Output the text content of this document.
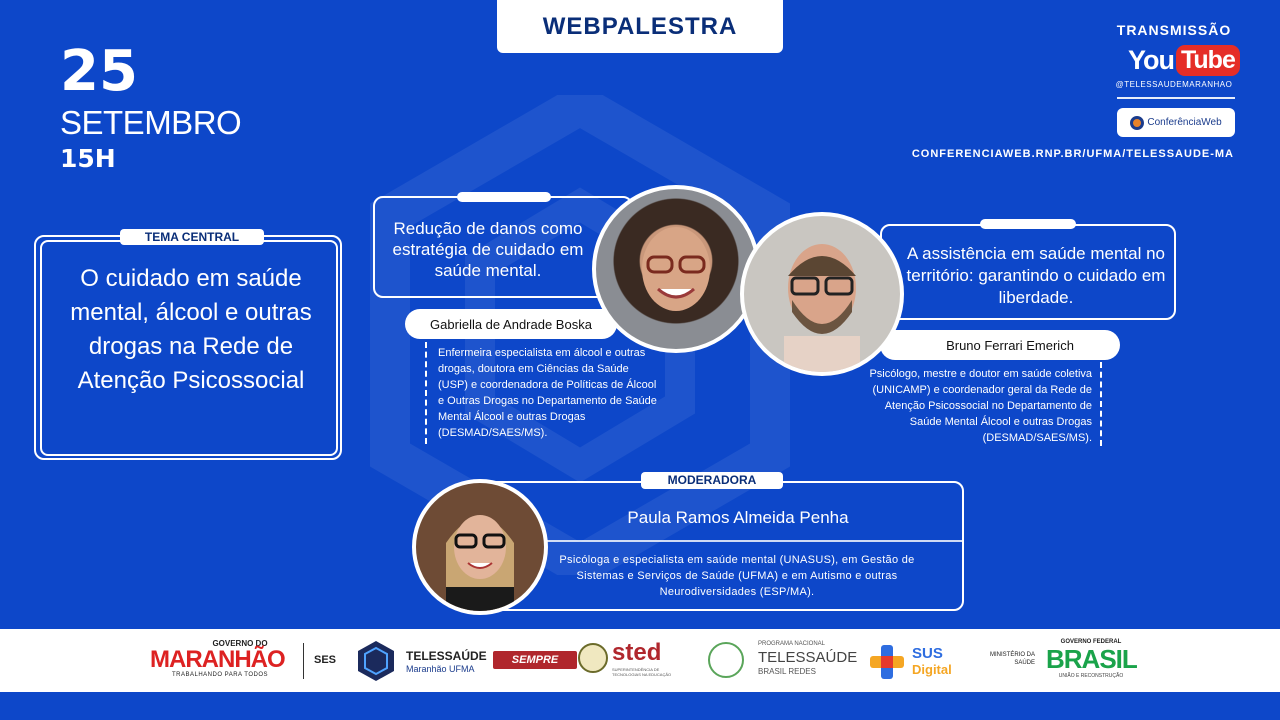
WEBPALESTRA
25
SETEMBRO
15H
TRANSMISSÃO
You Tube
@TELESSAUDEMARANHAO
ConferênciaWeb
CONFERENCIAWEB.RNP.BR/UFMA/TELESSAUDE-MA
TEMA CENTRAL
O cuidado em saúde mental, álcool e outras drogas na Rede de Atenção Psicossocial
Redução de danos como estratégia de cuidado em saúde mental.
Gabriella de Andrade Boska
Enfermeira especialista em álcool e outras drogas, doutora em Ciências da Saúde (USP) e coordenadora de Políticas de Álcool e Outras Drogas no Departamento de Saúde Mental Álcool e outras Drogas (DESMAD/SAES/MS).
A assistência em saúde mental no território: garantindo o cuidado em liberdade.
Bruno Ferrari Emerich
Psicólogo, mestre e doutor em saúde coletiva (UNICAMP) e coordenador geral da Rede de Atenção Psicossocial no Departamento de Saúde Mental Álcool e outras Drogas (DESMAD/SAES/MS).
MODERADORA
Paula Ramos Almeida Penha
Psicóloga e especialista em saúde mental (UNASUS), em Gestão de Sistemas e Serviços de Saúde (UFMA) e em Autismo e outras Neurodiversidades (ESP/MA).
GOVERNO DO
MARANHÃO
TRABALHANDO PARA TODOS
SES	TELESSAÚDE
Maranhão UFMA
SEMPRE	sted
SUPERINTENDÊNCIA DE TECNOLOGIAS NA EDUCAÇÃO
PROGRAMA NACIONAL
TELESSAÚDE
BRASIL REDES
SUS
Digital
MINISTÉRIO DA SAÚDE
GOVERNO FEDERAL
BRASIL
UNIÃO E RECONSTRUÇÃO
